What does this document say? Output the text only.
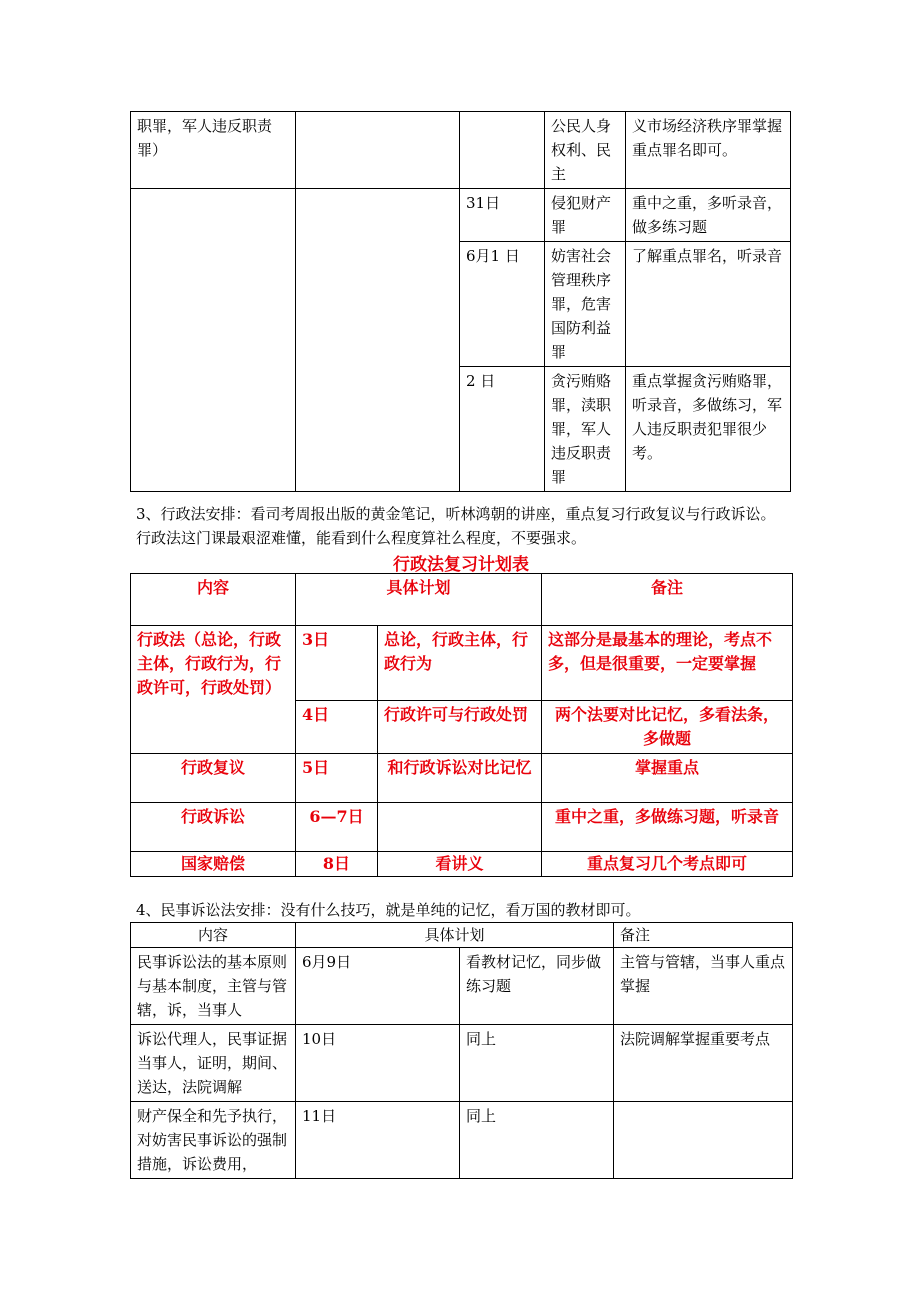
职罪，军人违反职责罪）			公民人身权利、民主	义市场经济秩序罪掌握重点罪名即可。
		31日	侵犯财产罪	重中之重，多听录音，做多练习题
		6月1 日	妨害社会管理秩序罪，危害国防利益罪	了解重点罪名，听录音
		2 日	贪污贿赂罪，渎职罪，军人违反职责罪	重点掌握贪污贿赂罪，听录音，多做练习，军人违反职责犯罪很少考。
3、行政法安排：看司考周报出版的黄金笔记，听林鸿朝的讲座，重点复习行政复议与行政诉讼。行政法这门课最艰涩难懂，能看到什么程度算社么程度，不要强求。
行政法复习计划表
内容	具体计划		备注
行政法（总论，行政主体，行政行为，行政许可，行政处罚）	3日	总论，行政主体，行政行为	这部分是最基本的理论，考点不多，但是很重要，一定要掌握
	4日	行政许可与行政处罚	两个法要对比记忆，多看法条，多做题
行政复议	5日	和行政诉讼对比记忆	掌握重点
行政诉讼	6—7日		重中之重，多做练习题，听录音
国家赔偿	8日	看讲义	重点复习几个考点即可
4、民事诉讼法安排：没有什么技巧，就是单纯的记忆，看万国的教材即可。
内容	具体计划		备注
民事诉讼法的基本原则与基本制度，主管与管辖，诉，当事人	6月9日	看教材记忆，同步做练习题	主管与管辖，当事人重点掌握
诉讼代理人，民事证据当事人，证明，期间、送达，法院调解	10日	同上	法院调解掌握重要考点
财产保全和先予执行，对妨害民事诉讼的强制措施，诉讼费用，	11日	同上	
